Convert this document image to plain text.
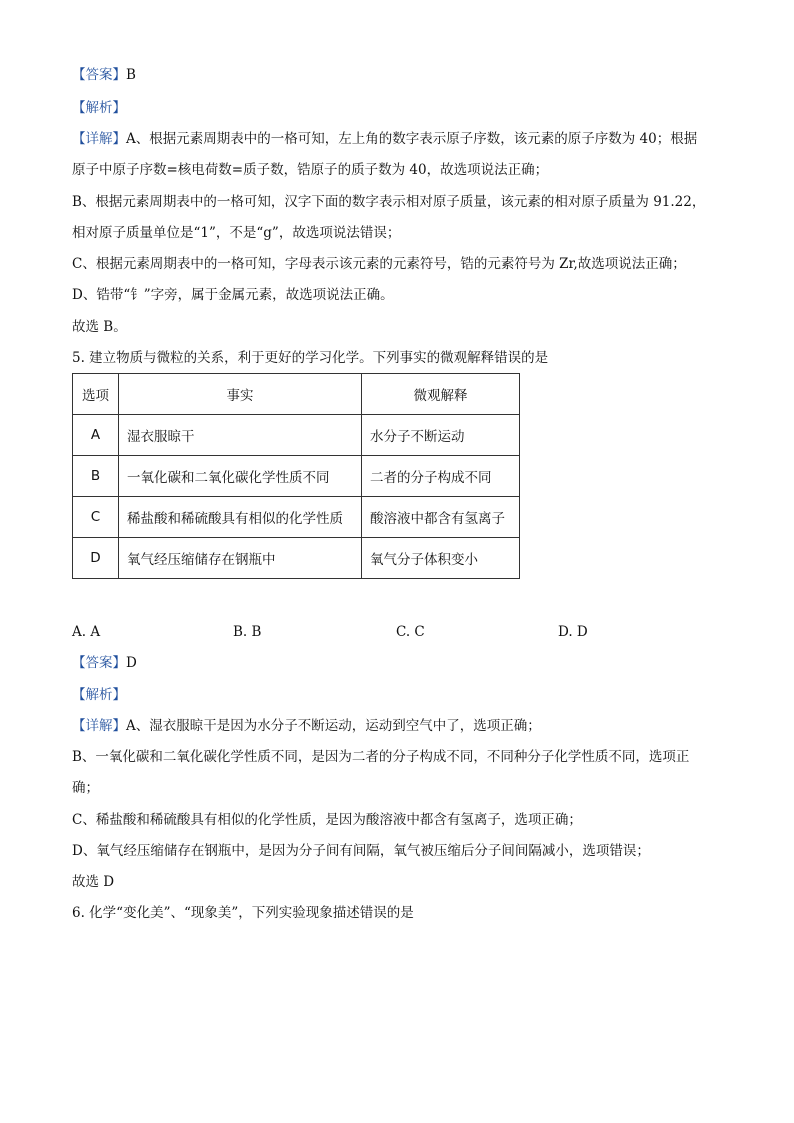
【答案】B
【解析】
【详解】A、根据元素周期表中的一格可知，左上角的数字表示原子序数，该元素的原子序数为 40；根据
原子中原子序数=核电荷数=质子数，锆原子的质子数为 40，故选项说法正确；
B、根据元素周期表中的一格可知，汉字下面的数字表示相对原子质量，该元素的相对原子质量为 91.22，
相对原子质量单位是“1”，不是“g”，故选项说法错误；
C、根据元素周期表中的一格可知，字母表示该元素的元素符号，锆的元素符号为 Zr,故选项说法正确；
D、锆带“钅”字旁，属于金属元素，故选项说法正确。
故选 B。
5. 建立物质与微粒的关系，利于更好的学习化学。下列事实的微观解释错误的是
选项	事实	微观解释
A	湿衣服晾干	水分子不断运动
B	一氧化碳和二氧化碳化学性质不同	二者的分子构成不同
C	稀盐酸和稀硫酸具有相似的化学性质	酸溶液中都含有氢离子
D	氧气经压缩储存在钢瓶中	氧气分子体积变小
A. A	B. B	C. C	D. D
【答案】D
【解析】
【详解】A、湿衣服晾干是因为水分子不断运动，运动到空气中了，选项正确；
B、一氧化碳和二氧化碳化学性质不同，是因为二者的分子构成不同，不同种分子化学性质不同，选项正
确；
C、稀盐酸和稀硫酸具有相似的化学性质，是因为酸溶液中都含有氢离子，选项正确；
D、氧气经压缩储存在钢瓶中，是因为分子间有间隔，氧气被压缩后分子间间隔减小，选项错误；
故选 D
6. 化学“变化美”、“现象美”，下列实验现象描述错误的是
